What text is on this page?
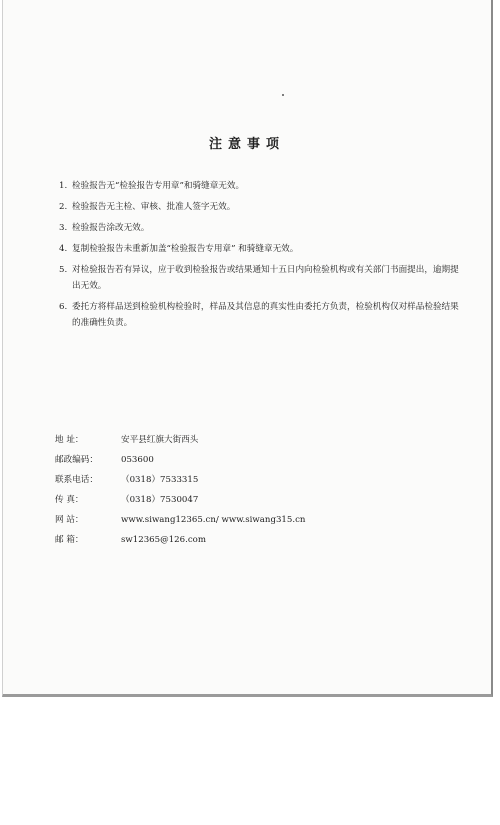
注意事项
1. 检验报告无“检验报告专用章”和骑缝章无效。
2. 检验报告无主检、审核、批准人签字无效。
3. 检验报告涂改无效。
4. 复制检验报告未重新加盖“检验报告专用章” 和骑缝章无效。
5. 对检验报告若有异议，应于收到检验报告或结果通知十五日内向检验机构或有关部门书面提出，逾期提出无效。
6. 委托方将样品送到检验机构检验时，样品及其信息的真实性由委托方负责，检验机构仅对样品检验结果的准确性负责。
地 址：	安平县红旗大街西头
邮政编码：	053600
联系电话：	（0318）7533315
传 真：	（0318）7530047
网 站：	www.siwang12365.cn/ www.siwang315.cn
邮 箱：	sw12365@126.com
